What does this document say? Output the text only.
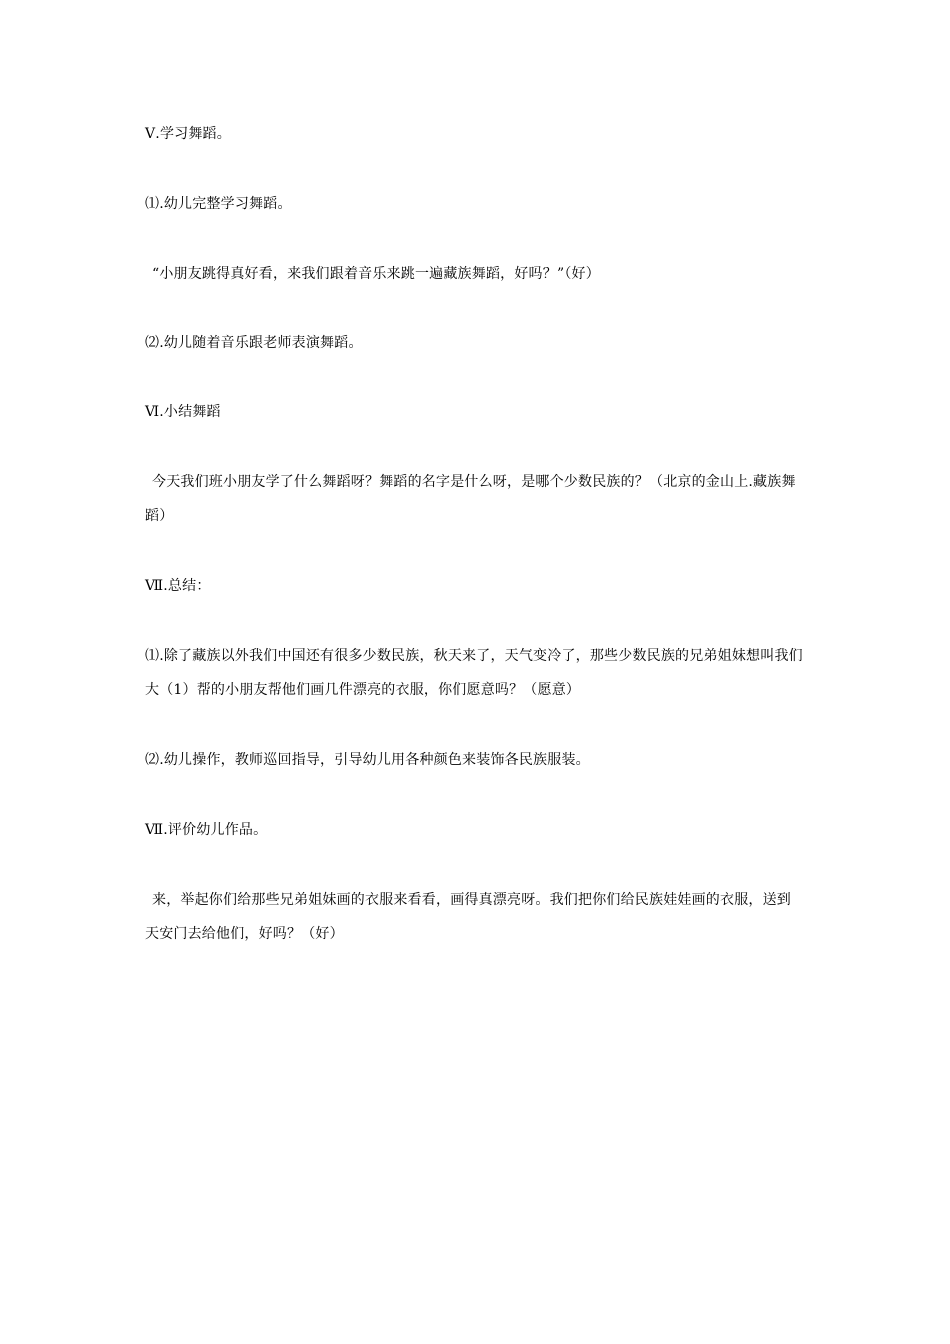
Ⅴ.学习舞蹈。
⑴.幼儿完整学习舞蹈。
“小朋友跳得真好看，来我们跟着音乐来跳一遍藏族舞蹈，好吗？”（好）
⑵.幼儿随着音乐跟老师表演舞蹈。
Ⅵ.小结舞蹈
今天我们班小朋友学了什么舞蹈呀？舞蹈的名字是什么呀，是哪个少数民族的？（北京的金山上.藏族舞
蹈）
Ⅶ.总结：
⑴.除了藏族以外我们中国还有很多少数民族，秋天来了，天气变冷了，那些少数民族的兄弟姐妹想叫我们
大（1）帮的小朋友帮他们画几件漂亮的衣服，你们愿意吗？（愿意）
⑵.幼儿操作，教师巡回指导，引导幼儿用各种颜色来装饰各民族服装。
Ⅶ.评价幼儿作品。
来，举起你们给那些兄弟姐妹画的衣服来看看，画得真漂亮呀。我们把你们给民族娃娃画的衣服，送到
天安门去给他们，好吗？（好）
